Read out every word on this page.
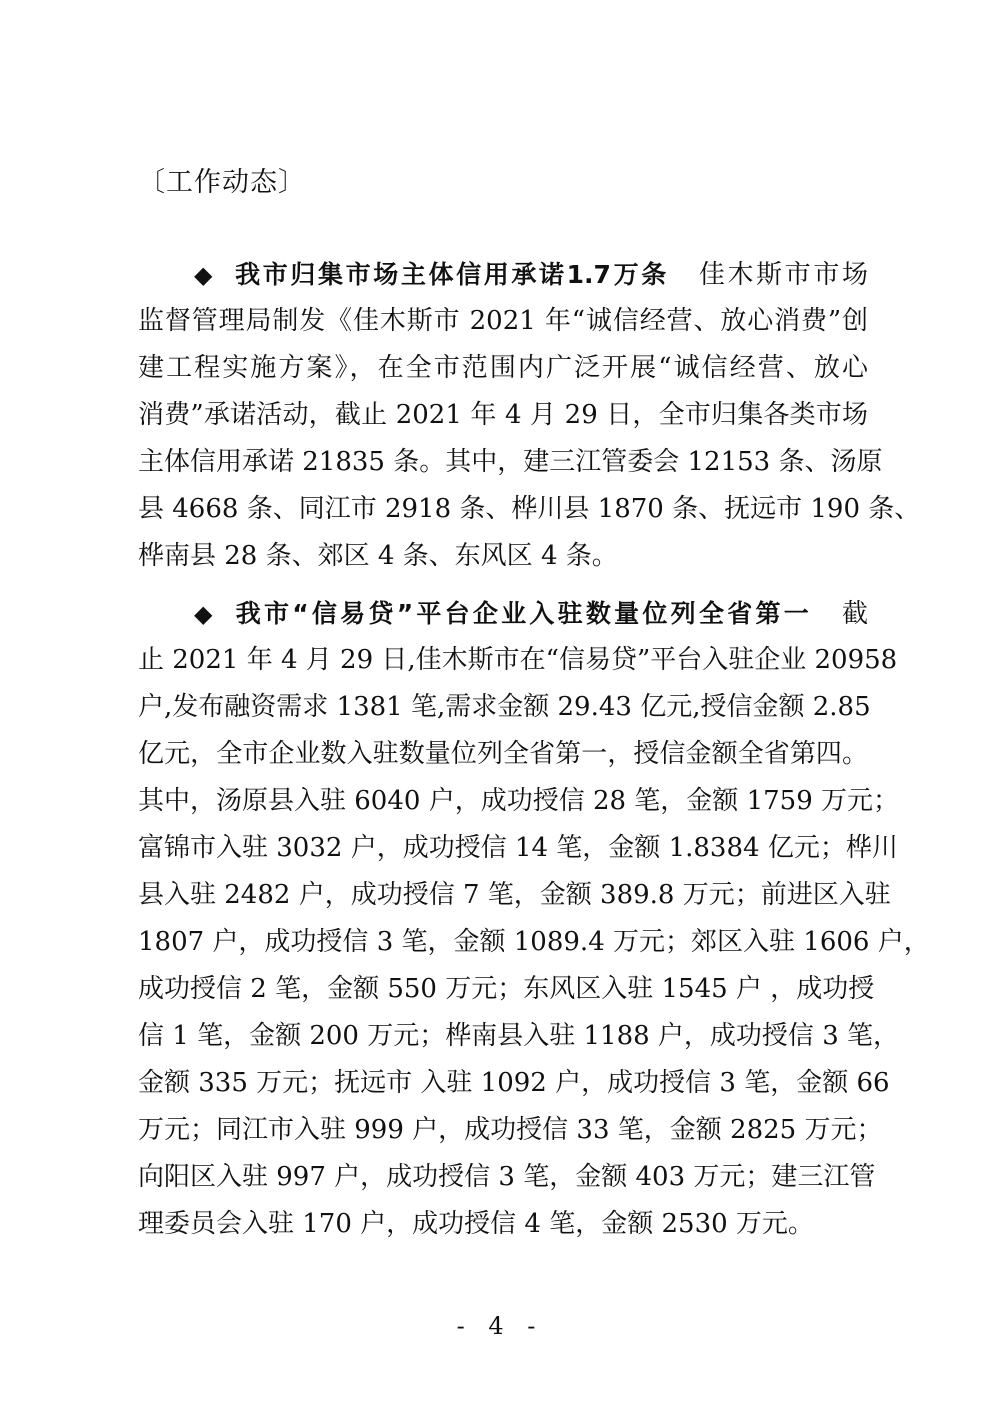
〔工作动态〕

◆ 我市归集市场主体信用承诺1.7万条 佳木斯市市场
监督管理局制发《佳木斯市 2021 年“诚信经营、放心消费”创
建工程实施方案》，在全市范围内广泛开展“诚信经营、放心
消费”承诺活动，截止 2021 年 4 月 29 日，全市归集各类市场
主体信用承诺 21835 条。其中，建三江管委会 12153 条、汤原
县 4668 条、同江市 2918 条、桦川县 1870 条、抚远市 190 条、
桦南县 28 条、郊区 4 条、东风区 4 条。
◆ 我市“信易贷”平台企业入驻数量位列全省第一 截
止 2021 年 4 月 29 日,佳木斯市在“信易贷”平台入驻企业 20958
户,发布融资需求 1381 笔,需求金额 29.43 亿元,授信金额 2.85
亿元，全市企业数入驻数量位列全省第一，授信金额全省第四。
其中，汤原县入驻 6040 户，成功授信 28 笔，金额 1759 万元；
富锦市入驻 3032 户，成功授信 14 笔，金额 1.8384 亿元；桦川
县入驻 2482 户，成功授信 7 笔，金额 389.8 万元；前进区入驻
1807 户，成功授信 3 笔，金额 1089.4 万元；郊区入驻 1606 户，
成功授信 2 笔，金额 550 万元；东风区入驻 1545 户 ，成功授
信 1 笔，金额 200 万元；桦南县入驻 1188 户，成功授信 3 笔，
金额 335 万元；抚远市 入驻 1092 户，成功授信 3 笔，金额 66
万元；同江市入驻 999 户，成功授信 33 笔，金额 2825 万元；
向阳区入驻 997 户，成功授信 3 笔，金额 403 万元；建三江管
理委员会入驻 170 户，成功授信 4 笔，金额 2530 万元。

- 4 -
